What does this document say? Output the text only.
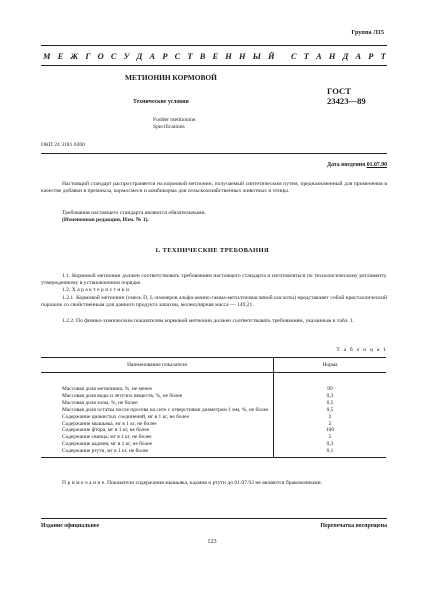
Группа Л15
М Е Ж Г О С У Д А Р С Т В Е Н Н Ы Й
С Т А Н Д А Р Т
МЕТИОНИН КОРМОВОЙ
ГОСТ
23423—89
Технические условия
Fodder methionine.
Specifications
ОКП 24 3181 0200
Дата введения 01.07.90
Настоящий стандарт распространяется на кормовой метионин, получаемый синтетическим путем, предназначенный для применения в качестве добавки в премиксы, кормосмеси и комбикорма для сельскохозяйственных животных и птицы.
Требования настоящего стандарта являются обязательными.
(Измененная редакция, Изм. № 1).
1. ТЕХНИЧЕСКИЕ ТРЕБОВАНИЯ
1.1. Кормовой метионин должен соответствовать требованиям настоящего стандарта и изготовляться по технологическому регламенту, утвержденному в установленном порядке.
1.2. Х а р а к т е р и с т и к и
1.2.1. Кормовой метионин (смесь D, L-изомеров альфа-амино-гамма-метилтиомасляной кислоты) представляет собой кристаллический порошок со свойственным для данного продукта запахом, молекулярная масса — 149,21.
1.2.2. По физико-химическим показателям кормовой метионин должен соответствовать требованиям, указанным в табл. 1.
Т а б л и ц а 1
Наименование показателя	Норма

Массовая доля метионина, %, не менее	99
Массовая доля воды и летучих веществ, %, не более	0,3
Массовая доля золы, %, не более	0,5
Массовая доля остатка после просева на сите с отверстиями диаметром 1 мм, %, не более	0,5
Содержание цианистых соединений, мг в 1 кг, не более	2
Содержание мышьяка, мг в 1 кг, не более	2
Содержание фтора, мг в 1 кг, не более	100
Содержание свинца, мг в 1 кг, не более	5
Содержание кадмия, мг в 1 кг, не более	0,3
Содержание ртути, мг в 1 кг, не более	0,1
П р и м е ч а н и е. Показатели содержания мышьяка, кадмия и ртути до 01.07.92 не являются браковочными.
Издание официальное	Перепечатка воспрещена
123
